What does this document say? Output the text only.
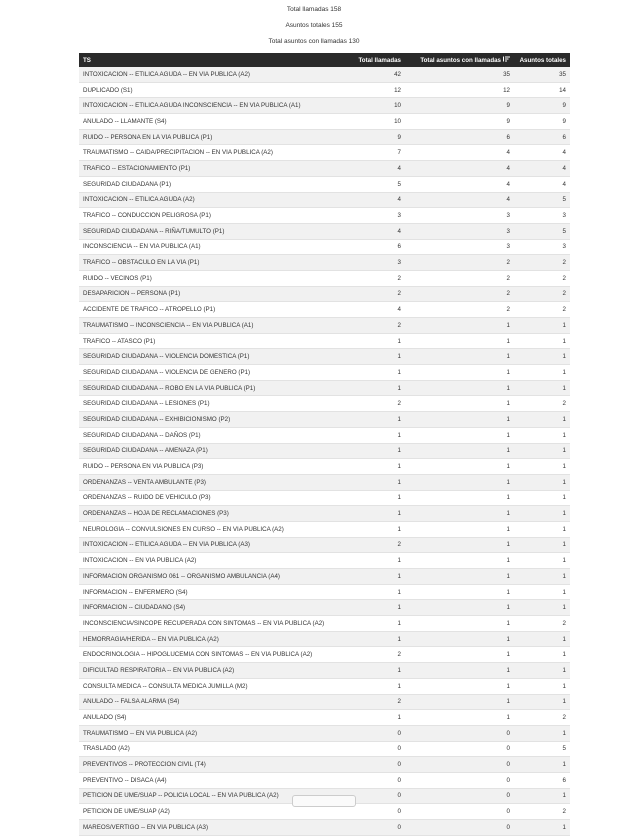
Total llamadas 158
Asuntos totales 155
Total asuntos con llamadas 130
TS	Total llamadas	Total asuntos con llamadas	Asuntos totales
INTOXICACION -- ETILICA AGUDA -- EN VIA PUBLICA (A2)	42	35	35
DUPLICADO (S1)	12	12	14
INTOXICACION -- ETILICA AGUDA INCONSCIENCIA -- EN VIA PUBLICA (A1)	10	9	9
ANULADO -- LLAMANTE (S4)	10	9	9
RUIDO -- PERSONA EN LA VIA PUBLICA (P1)	9	6	6
TRAUMATISMO -- CAIDA/PRECIPITACION -- EN VIA PUBLICA (A2)	7	4	4
TRAFICO -- ESTACIONAMIENTO (P1)	4	4	4
SEGURIDAD CIUDADANA (P1)	5	4	4
INTOXICACION -- ETILICA AGUDA (A2)	4	4	5
TRAFICO -- CONDUCCION PELIGROSA (P1)	3	3	3
SEGURIDAD CIUDADANA -- RIÑA/TUMULTO (P1)	4	3	5
INCONSCIENCIA -- EN VIA PUBLICA (A1)	6	3	3
TRAFICO -- OBSTACULO EN LA VIA (P1)	3	2	2
RUIDO -- VECINOS (P1)	2	2	2
DESAPARICION -- PERSONA (P1)	2	2	2
ACCIDENTE DE TRAFICO -- ATROPELLO (P1)	4	2	2
TRAUMATISMO -- INCONSCIENCIA -- EN VIA PUBLICA (A1)	2	1	1
TRAFICO -- ATASCO (P1)	1	1	1
SEGURIDAD CIUDADANA -- VIOLENCIA DOMESTICA (P1)	1	1	1
SEGURIDAD CIUDADANA -- VIOLENCIA DE GENERO (P1)	1	1	1
SEGURIDAD CIUDADANA -- ROBO EN LA VIA PUBLICA (P1)	1	1	1
SEGURIDAD CIUDADANA -- LESIONES (P1)	2	1	2
SEGURIDAD CIUDADANA -- EXHIBICIONISMO (P2)	1	1	1
SEGURIDAD CIUDADANA -- DAÑOS (P1)	1	1	1
SEGURIDAD CIUDADANA -- AMENAZA (P1)	1	1	1
RUIDO -- PERSONA EN VIA PUBLICA (P3)	1	1	1
ORDENANZAS -- VENTA AMBULANTE (P3)	1	1	1
ORDENANZAS -- RUIDO DE VEHICULO (P3)	1	1	1
ORDENANZAS -- HOJA DE RECLAMACIONES (P3)	1	1	1
NEUROLOGIA -- CONVULSIONES EN CURSO -- EN VIA PUBLICA (A2)	1	1	1
INTOXICACION -- ETILICA AGUDA -- EN VIA PUBLICA (A3)	2	1	1
INTOXICACION -- EN VIA PUBLICA (A2)	1	1	1
INFORMACION ORGANISMO 061 -- ORGANISMO AMBULANCIA (A4)	1	1	1
INFORMACION -- ENFERMERO (S4)	1	1	1
INFORMACION -- CIUDADANO (S4)	1	1	1
INCONSCIENCIA/SINCOPE RECUPERADA CON SINTOMAS -- EN VIA PUBLICA (A2)	1	1	2
HEMORRAGIA/HERIDA -- EN VIA PUBLICA (A2)	1	1	1
ENDOCRINOLOGIA -- HIPOGLUCEMIA CON SINTOMAS -- EN VIA PUBLICA (A2)	2	1	1
DIFICULTAD RESPIRATORIA -- EN VIA PUBLICA (A2)	1	1	1
CONSULTA MEDICA -- CONSULTA MEDICA JUMILLA (M2)	1	1	1
ANULADO -- FALSA ALARMA (S4)	2	1	1
ANULADO (S4)	1	1	2
TRAUMATISMO -- EN VIA PUBLICA (A2)	0	0	1
TRASLADO (A2)	0	0	5
PREVENTIVOS -- PROTECCION CIVIL (T4)	0	0	1
PREVENTIVO -- DISACA (A4)	0	0	6
PETICION DE UME/SUAP -- POLICIA LOCAL -- EN VIA PUBLICA (A2)	0	0	1
PETICION DE UME/SUAP (A2)	0	0	2
MAREOS/VERTIGO -- EN VIA PUBLICA (A3)	0	0	1
